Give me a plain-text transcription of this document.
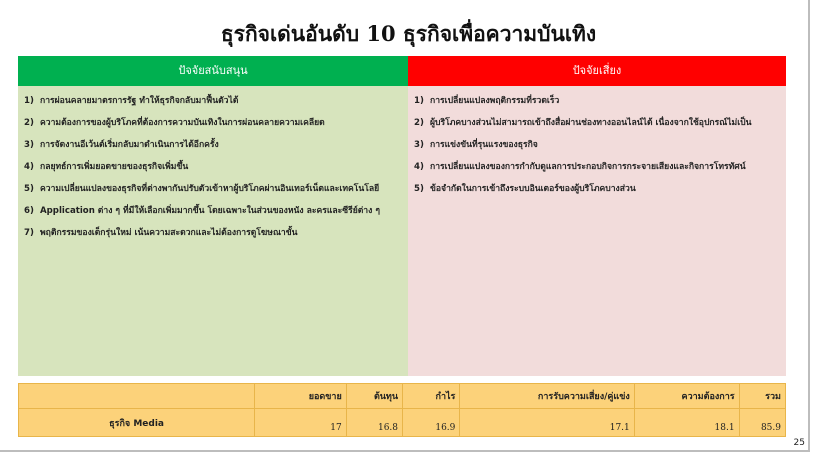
ธุรกิจเด่นอันดับ 10 ธุรกิจเพื่อความบันเทิง
ปัจจัยสนับสนุน
1) การผ่อนคลายมาตรการรัฐ ทำให้ธุรกิจกลับมาฟื้นตัวได้
2) ความต้องการของผู้บริโภคที่ต้องการความบันเทิงในการผ่อนคลายความเคลียด
3) การจัดงานอีเว้นต์เริ่มกลับมาดำเนินการได้อีกครั้ง
4) กลยุทธ์การเพิ่มยอดขายของธุรกิจเพิ่มขึ้น
5) ความเปลี่ยนแปลงของธุรกิจที่ต่างพากันปรับตัวเข้าหาผู้บริโภคผ่านอินเทอร์เน็ตและเทคโนโลยี
6) Application ต่าง ๆ ที่มีให้เลือกเพิ่มมากขึ้น โดยเฉพาะในส่วนของหนัง ละครและซีรีย์ต่าง ๆ
7) พฤติกรรมของเด็กรุ่นใหม่ เน้นความสะดวกและไม่ต้องการดูโฆษณาขั้น
ปัจจัยเสี่ยง
1) การเปลี่ยนแปลงพฤติกรรมที่รวดเร็ว
2) ผู้บริโภคบางส่วนไม่สามารถเข้าถึงสื่อผ่านช่องทางออนไลน์ได้ เนื่องจากใช้อุปกรณ์ไม่เป็น
3) การแข่งขันที่รุนแรงของธุรกิจ
4) การเปลี่ยนแปลงของการกำกับดูแลการประกอบกิจการกระจายเสียงและกิจการโทรทัศน์
5) ข้อจำกัดในการเข้าถึงระบบอินเตอร์ของผู้บริโภคบางส่วน
	ยอดขาย	ต้นทุน	กำไร	การรับความเสี่ยง/คู่แข่ง	ความต้องการ	รวม
ธุรกิจ Media	17	16.8	16.9	17.1	18.1	85.9
25
